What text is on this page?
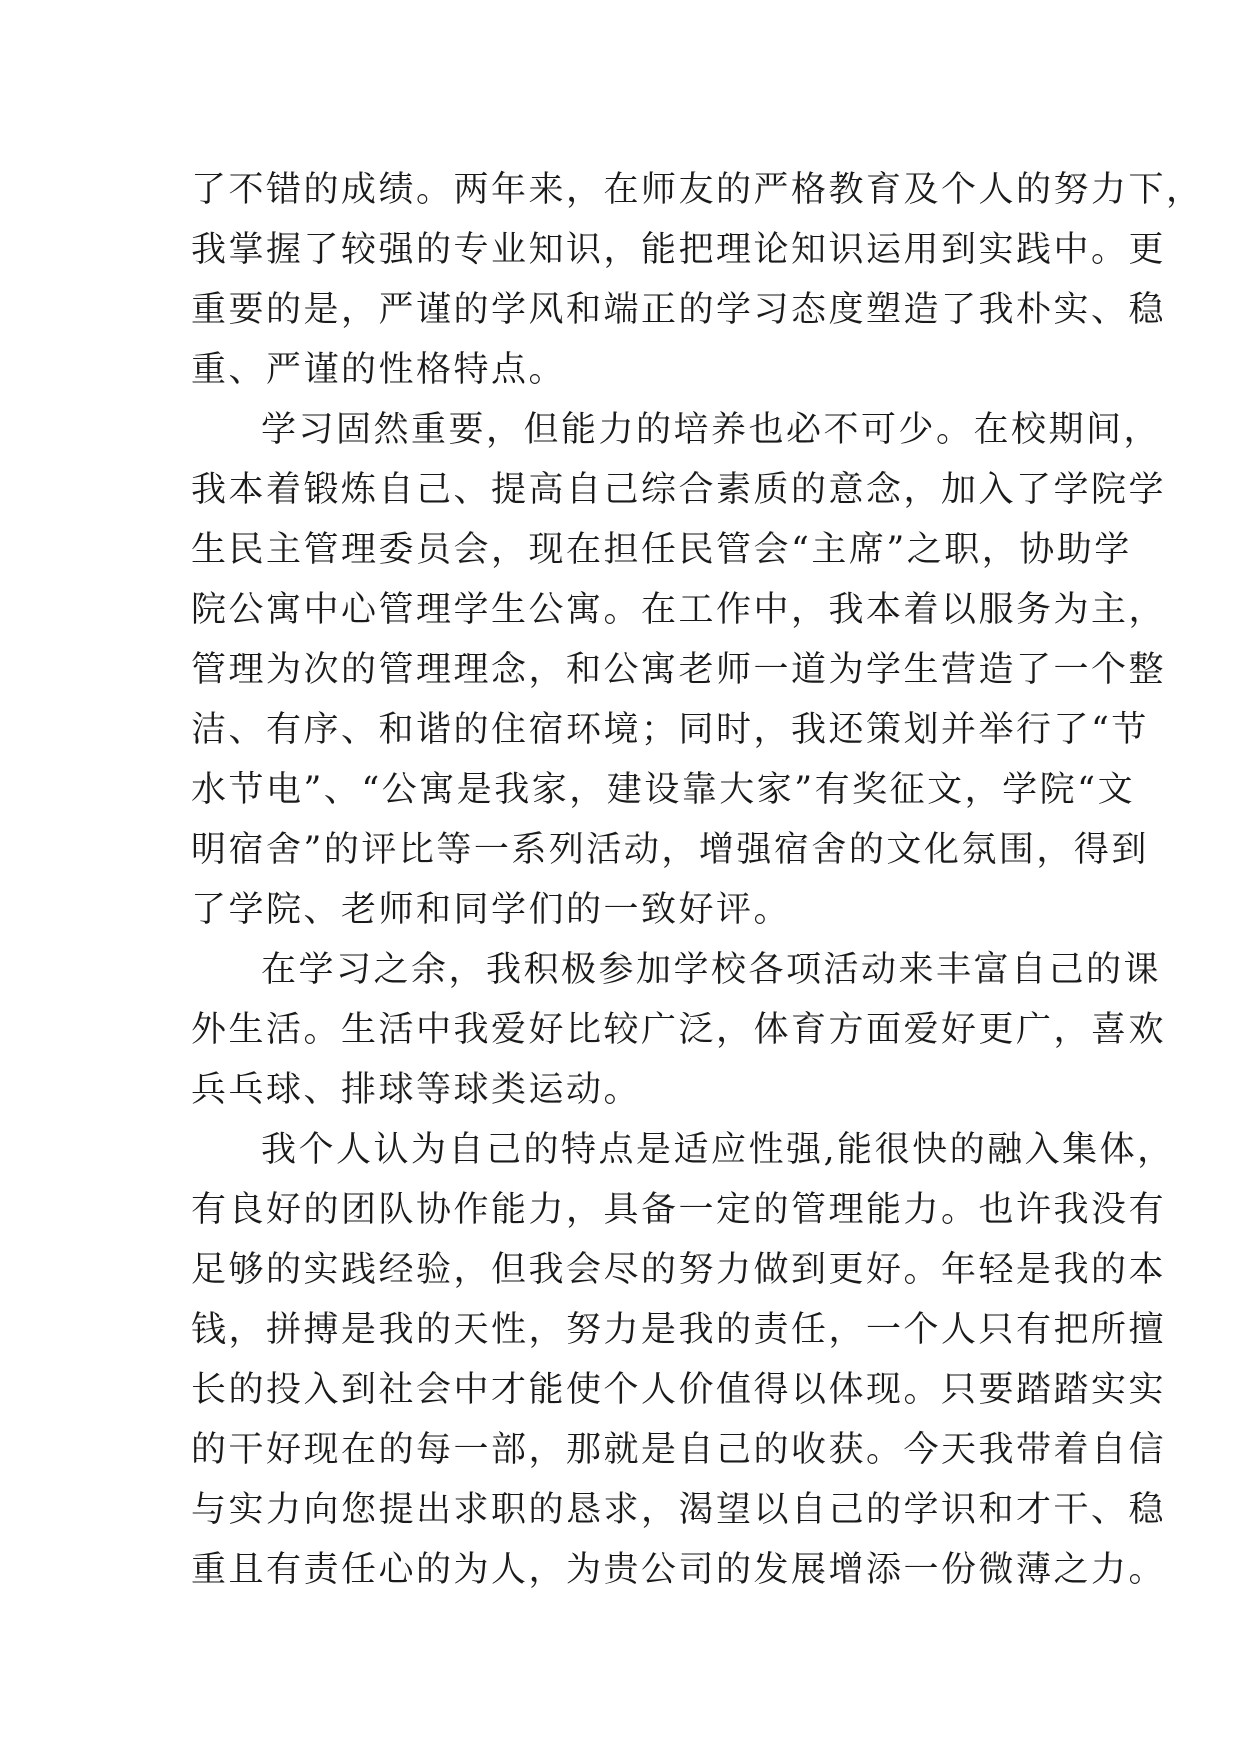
了不错的成绩。两年来，在师友的严格教育及个人的努力下，
我掌握了较强的专业知识，能把理论知识运用到实践中。更
重要的是，严谨的学风和端正的学习态度塑造了我朴实、稳
重、严谨的性格特点。
学习固然重要，但能力的培养也必不可少。在校期间，
我本着锻炼自己、提高自己综合素质的意念，加入了学院学
生民主管理委员会，现在担任民管会“主席”之职，协助学
院公寓中心管理学生公寓。在工作中，我本着以服务为主，
管理为次的管理理念，和公寓老师一道为学生营造了一个整
洁、有序、和谐的住宿环境；同时，我还策划并举行了“节
水节电”、“公寓是我家，建设靠大家”有奖征文，学院“文
明宿舍”的评比等一系列活动，增强宿舍的文化氛围，得到
了学院、老师和同学们的一致好评。
在学习之余，我积极参加学校各项活动来丰富自己的课
外生活。生活中我爱好比较广泛，体育方面爱好更广，喜欢
兵乓球、排球等球类运动。
我个人认为自己的特点是适应性强,能很快的融入集体，
有良好的团队协作能力，具备一定的管理能力。也许我没有
足够的实践经验，但我会尽的努力做到更好。年轻是我的本
钱，拼搏是我的天性，努力是我的责任，一个人只有把所擅
长的投入到社会中才能使个人价值得以体现。只要踏踏实实
的干好现在的每一部，那就是自己的收获。今天我带着自信
与实力向您提出求职的恳求，渴望以自己的学识和才干、稳
重且有责任心的为人，为贵公司的发展增添一份微薄之力。
